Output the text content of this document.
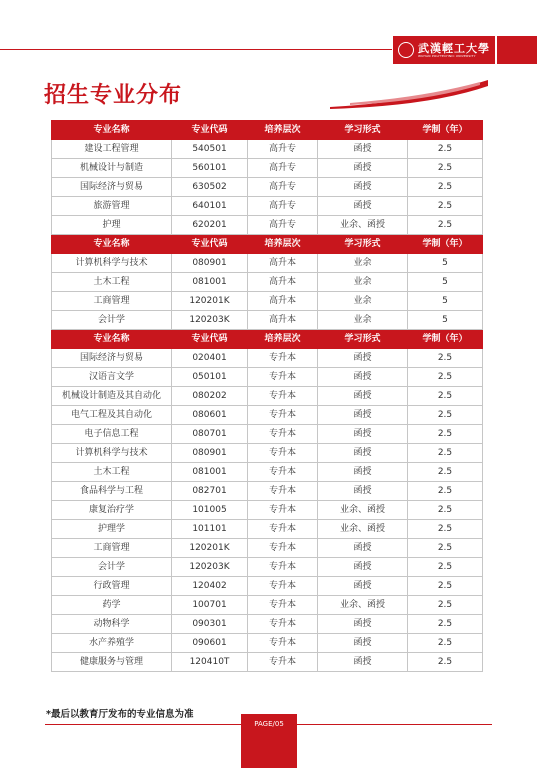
武漢輕工大學
WUHAN POLYTECHNIC UNIVERSITY
招生专业分布
专业名称	专业代码	培养层次	学习形式	学制（年）
建设工程管理	540501	高升专	函授	2.5
机械设计与制造	560101	高升专	函授	2.5
国际经济与贸易	630502	高升专	函授	2.5
旅游管理	640101	高升专	函授	2.5
护理	620201	高升专	业余、函授	2.5
专业名称	专业代码	培养层次	学习形式	学制（年）
计算机科学与技术	080901	高升本	业余	5
土木工程	081001	高升本	业余	5
工商管理	120201K	高升本	业余	5
会计学	120203K	高升本	业余	5
专业名称	专业代码	培养层次	学习形式	学制（年）
国际经济与贸易	020401	专升本	函授	2.5
汉语言文学	050101	专升本	函授	2.5
机械设计制造及其自动化	080202	专升本	函授	2.5
电气工程及其自动化	080601	专升本	函授	2.5
电子信息工程	080701	专升本	函授	2.5
计算机科学与技术	080901	专升本	函授	2.5
土木工程	081001	专升本	函授	2.5
食品科学与工程	082701	专升本	函授	2.5
康复治疗学	101005	专升本	业余、函授	2.5
护理学	101101	专升本	业余、函授	2.5
工商管理	120201K	专升本	函授	2.5
会计学	120203K	专升本	函授	2.5
行政管理	120402	专升本	函授	2.5
药学	100701	专升本	业余、函授	2.5
动物科学	090301	专升本	函授	2.5
水产养殖学	090601	专升本	函授	2.5
健康服务与管理	120410T	专升本	函授	2.5
*最后以教育厅发布的专业信息为准
PAGE/05
